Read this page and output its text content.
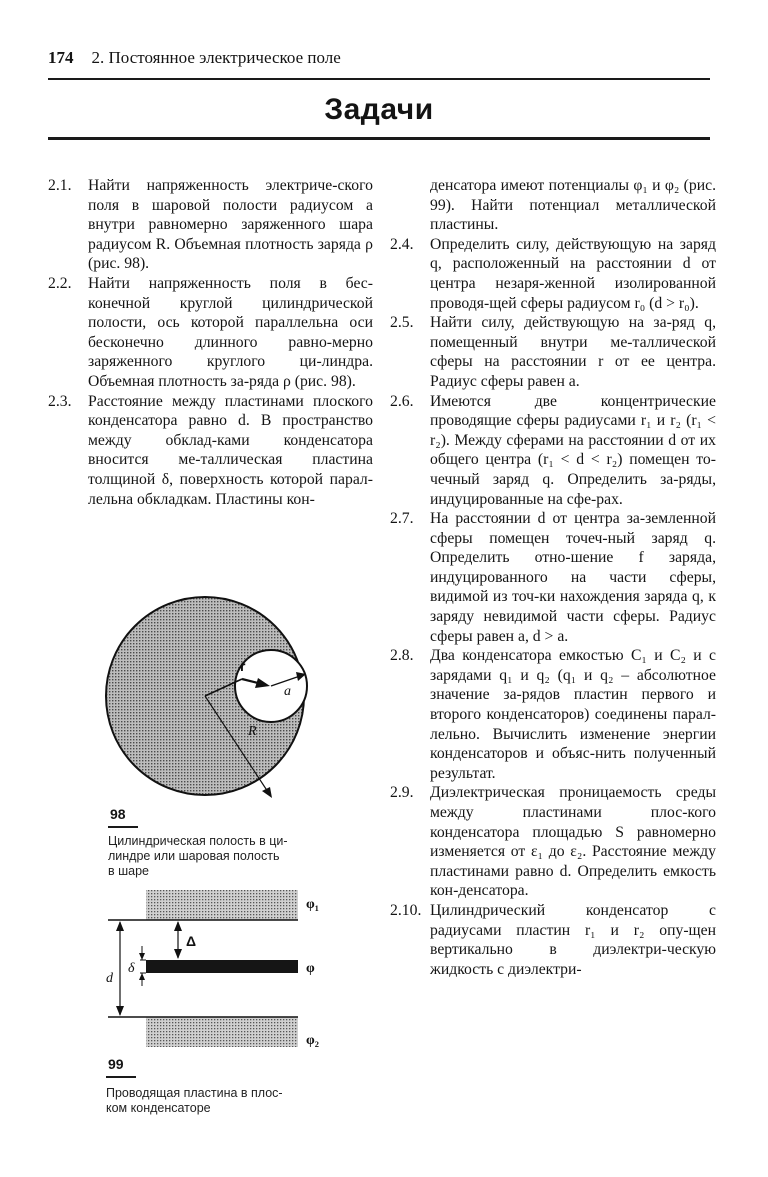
174 2. Постоянное электрическое поле
Задачи
2.1. Найти напряженность электриче-ского поля в шаровой полости радиусом a внутри равномерно заряженного шара радиусом R. Объемная плотность заряда ρ (рис. 98).
2.2. Найти напряженность поля в бес-конечной круглой цилиндрической полости, ось которой параллельна оси бесконечно длинного равно-мерно заряженного круглого ци-линдра. Объемная плотность за-ряда ρ (рис. 98).
2.3. Расстояние между пластинами плоского конденсатора равно d. В пространство между обклад-ками конденсатора вносится ме-таллическая пластина толщиной δ, поверхность которой парал-лельна обкладкам. Пластины кон-
r
a
R
98
Цилиндрическая полость в ци-
линдре или шаровая полость
в шаре
φ₁
φ
φ₂
Δ
δ
d
99
Проводящая пластина в плос-
ком конденсаторе
денсатора имеют потенциалы φ₁ и φ₂ (рис. 99). Найти потенциал металлической пластины.
2.4. Определить силу, действующую на заряд q, расположенный на расстоянии d от центра незаря-женной изолированной проводя-щей сферы радиусом r₀ (d > r₀).
2.5. Найти силу, действующую на за-ряд q, помещенный внутри ме-таллической сферы на расстоянии r от ее центра. Радиус сферы равен a.
2.6. Имеются две концентрические проводящие сферы радиусами r₁ и r₂ (r₁ < r₂). Между сферами на расстоянии d от их общего центра (r₁ < d < r₂) помещен то-чечный заряд q. Определить за-ряды, индуцированные на сфе-рах.
2.7. На расстоянии d от центра за-земленной сферы помещен точеч-ный заряд q. Определить отно-шение f заряда, индуцированного на части сферы, видимой из точ-ки нахождения заряда q, к заряду невидимой части сферы. Радиус сферы равен a, d > a.
2.8. Два конденсатора емкостью C₁ и C₂ и с зарядами q₁ и q₂ (q₁ и q₂ – абсолютное значение за-рядов пластин первого и второго конденсаторов) соединены парал-лельно. Вычислить изменение энергии конденсаторов и объяс-нить полученный результат.
2.9. Диэлектрическая проницаемость среды между пластинами плос-кого конденсатора площадью S равномерно изменяется от ε₁ до ε₂. Расстояние между пластинами равно d. Определить емкость кон-денсатора.
2.10. Цилиндрический конденсатор с радиусами пластин r₁ и r₂ опу-щен вертикально в диэлектри-ческую жидкость с диэлектри-
